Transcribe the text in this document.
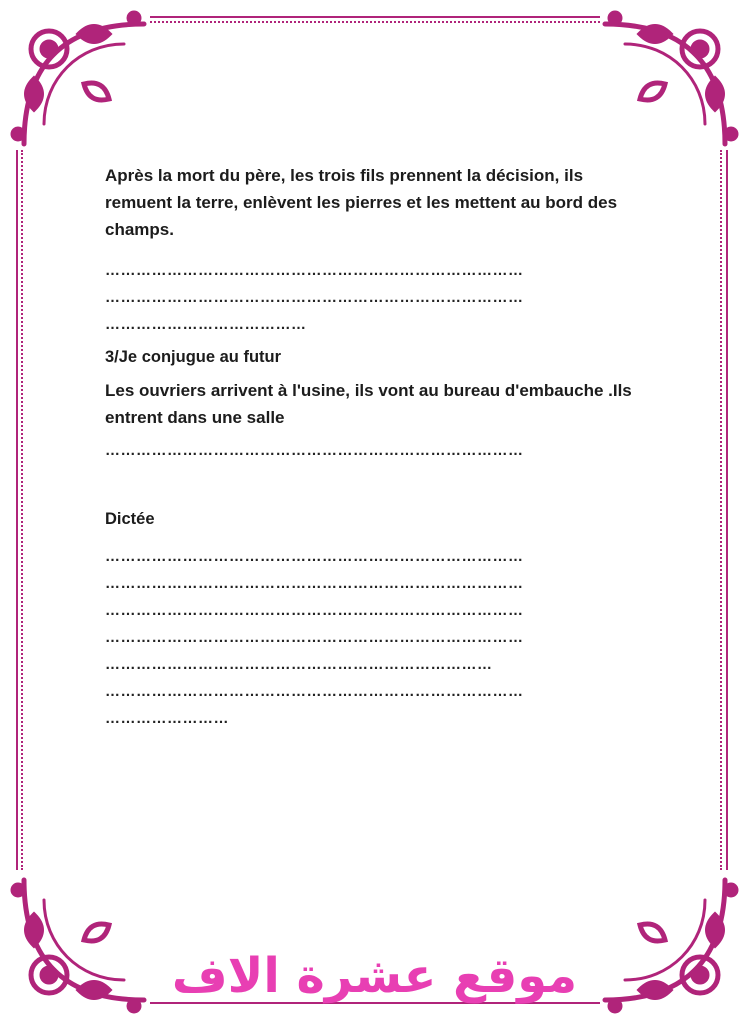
Après la mort du père, les trois fils prennent la décision, ils remuent la terre, enlèvent les pierres et les mettent au bord des champs.

………………………………………………………………………
………………………………………………………………………
…………………………………

3/Je conjugue au futur

Les ouvriers arrivent à l'usine, ils vont au bureau d'embauche .Ils entrent dans une salle

………………………………………………………………………

Dictée

………………………………………………………………………
………………………………………………………………………
………………………………………………………………………
………………………………………………………………………
…………………………………………………………………
………………………………………………………………………
……………………
موقع عشرة الاف
